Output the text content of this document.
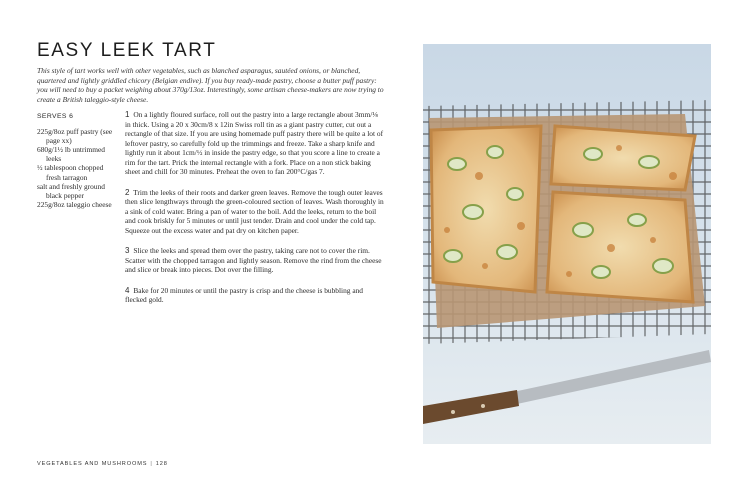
EASY LEEK TART

This style of tart works well with other vegetables, such as blanched asparagus, sautéed onions, or blanched, quartered and lightly griddled chicory (Belgian endive). If you buy ready-made pastry, choose a butter puff pastry: you will need to buy a packet weighing about 370g/13oz. Interestingly, some artisan cheese-makers are now trying to create a British taleggio-style cheese.

SERVES 6

225g/8oz puff pastry (see page xx)

680g/1½ lb untrimmed leeks

½ tablespoon chopped fresh tarragon

salt and freshly ground black pepper

225g/8oz taleggio cheese

1 On a lightly floured surface, roll out the pastry into a large rectangle about 3mm/⅛ in thick. Using a 20 x 30cm/8 x 12in Swiss roll tin as a giant pastry cutter, cut out a rectangle of that size. If you are using homemade puff pastry there will be quite a lot of leftover pastry, so carefully fold up the trimmings and freeze. Take a sharp knife and lightly run it about 1cm/½ in inside the pastry edge, so that you score a line to create a rim for the tart. Prick the internal rectangle with a fork. Place on a non stick baking sheet and chill for 30 minutes. Preheat the oven to fan 200°C/gas 7.

2 Trim the leeks of their roots and darker green leaves. Remove the tough outer leaves then slice lengthways through the green-coloured section of leaves. Wash thoroughly in a sink of cold water. Bring a pan of water to the boil. Add the leeks, return to the boil and cook briskly for 5 minutes or until just tender. Drain and cool under the cold tap. Squeeze out the excess water and pat dry on kitchen paper.

3 Slice the leeks and spread them over the pastry, taking care not to cover the rim. Scatter with the chopped tarragon and lightly season. Remove the rind from the cheese and slice or break into pieces. Dot over the filling.

4 Bake for 20 minutes or until the pastry is crisp and the cheese is bubbling and flecked gold.

VEGETABLES AND MUSHROOMS | 128
